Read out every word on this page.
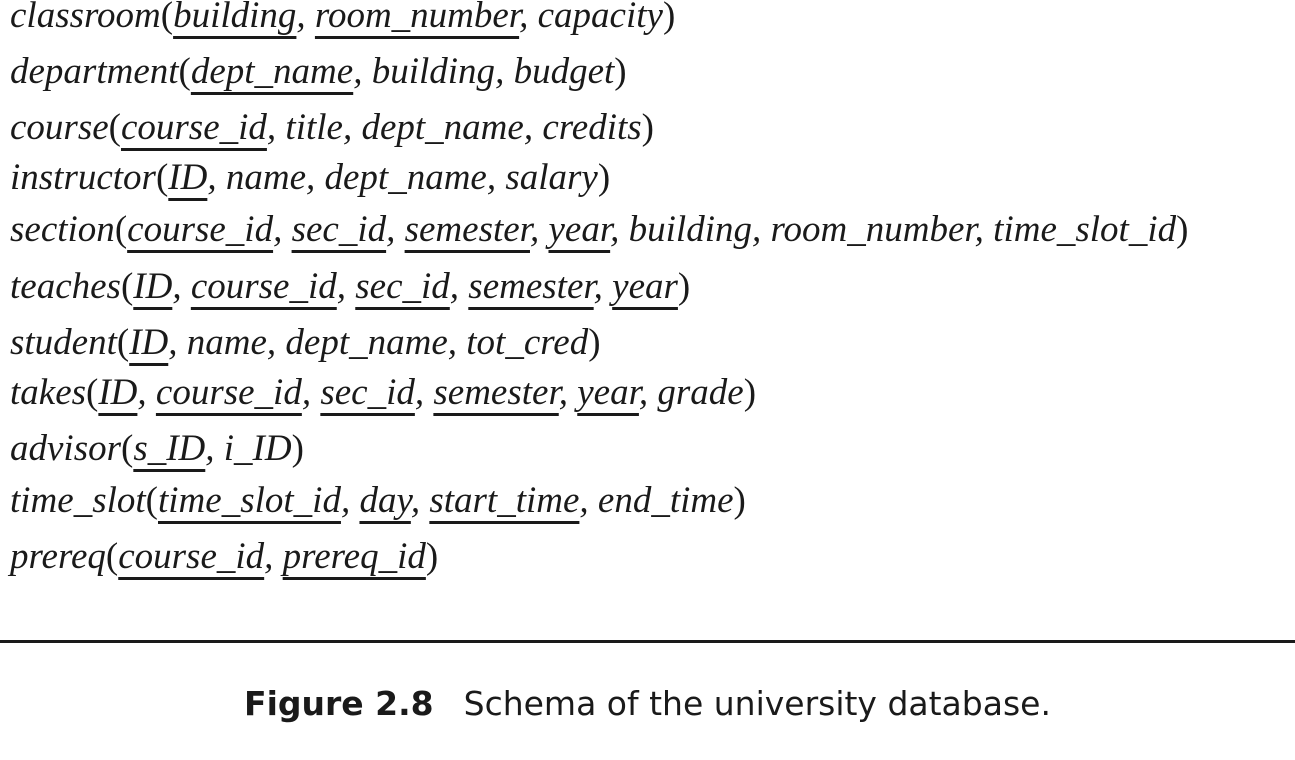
classroom(building, room_number, capacity)
department(dept_name, building, budget)
course(course_id, title, dept_name, credits)
instructor(ID, name, dept_name, salary)
section(course_id, sec_id, semester, year, building, room_number, time_slot_id)
teaches(ID, course_id, sec_id, semester, year)
student(ID, name, dept_name, tot_cred)
takes(ID, course_id, sec_id, semester, year, grade)
advisor(s_ID, i_ID)
time_slot(time_slot_id, day, start_time, end_time)
prereq(course_id, prereq_id)
Figure 2.8 Schema of the university database.
